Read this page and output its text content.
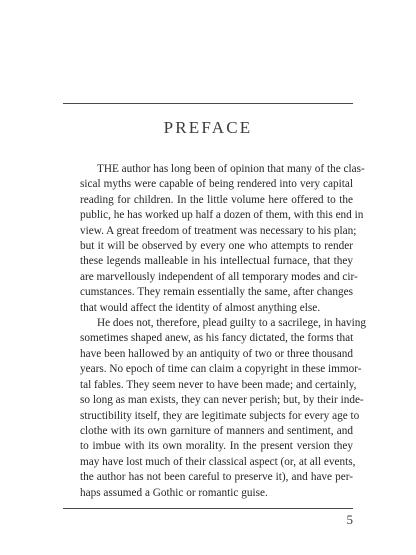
PREFACE
THE author has long been of opinion that many of the clas-
sical myths were capable of being rendered into very capital
reading for children. In the little volume here offered to the
public, he has worked up half a dozen of them, with this end in
view. A great freedom of treatment was necessary to his plan;
but it will be observed by every one who attempts to render
these legends malleable in his intellectual furnace, that they
are marvellously independent of all temporary modes and cir-
cumstances. They remain essentially the same, after changes
that would affect the identity of almost anything else.
He does not, therefore, plead guilty to a sacrilege, in having
sometimes shaped anew, as his fancy dictated, the forms that
have been hallowed by an antiquity of two or three thousand
years. No epoch of time can claim a copyright in these immor-
tal fables. They seem never to have been made; and certainly,
so long as man exists, they can never perish; but, by their inde-
structibility itself, they are legitimate subjects for every age to
clothe with its own garniture of manners and sentiment, and
to imbue with its own morality. In the present version they
may have lost much of their classical aspect (or, at all events,
the author has not been careful to preserve it), and have per-
haps assumed a Gothic or romantic guise.
5
